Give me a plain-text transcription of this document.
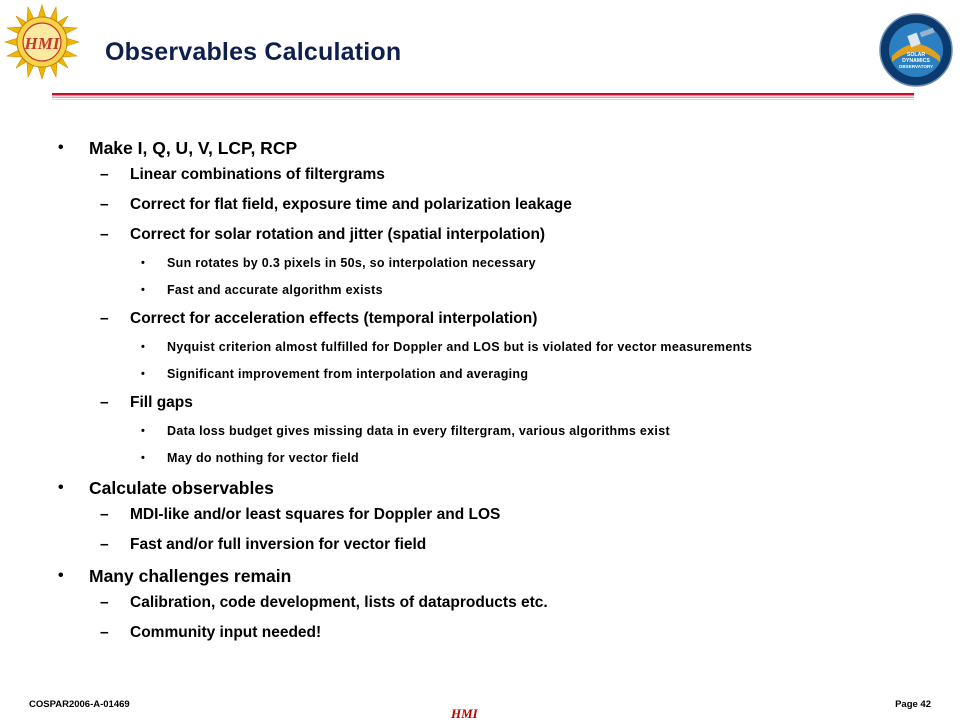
HMI Observables Calculation	SOLAR
DYNAMICS
OBSERVATORY
• Make I, Q, U, V, LCP, RCP
– Linear combinations of filtergrams
– Correct for flat field, exposure time and polarization leakage
– Correct for solar rotation and jitter (spatial interpolation)
• Sun rotates by 0.3 pixels in 50s, so interpolation necessary
• Fast and accurate algorithm exists
– Correct for acceleration effects (temporal interpolation)
• Nyquist criterion almost fulfilled for Doppler and LOS but is violated for vector measurements
• Significant improvement from interpolation and averaging
– Fill gaps
• Data loss budget gives missing data in every filtergram, various algorithms exist
• May do nothing for vector field
• Calculate observables
– MDI-like and/or least squares for Doppler and LOS
– Fast and/or full inversion for vector field
• Many challenges remain
– Calibration, code development, lists of dataproducts etc.
– Community input needed!
COSPAR2006-A-01469
HMI
Page 42
